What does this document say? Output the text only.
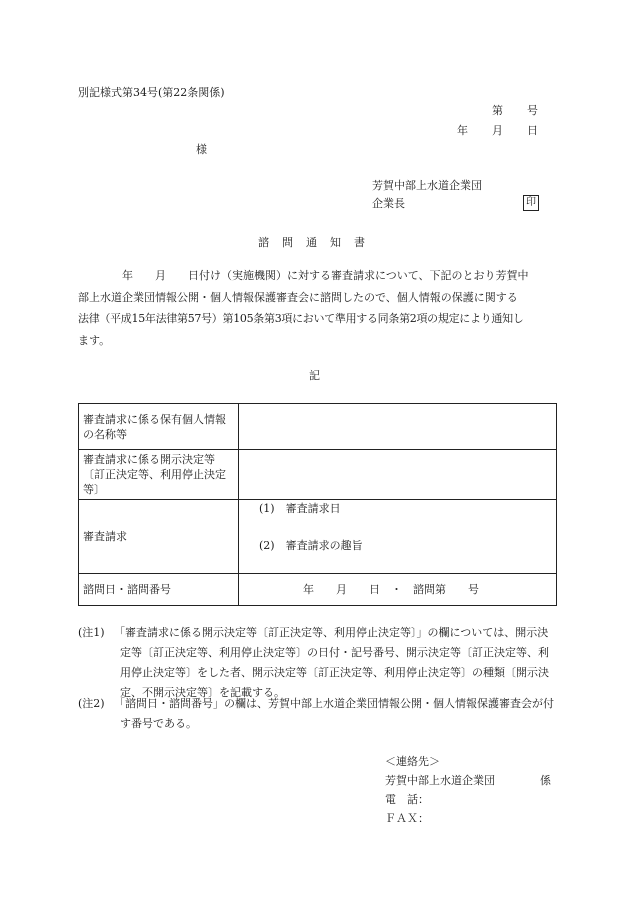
別記様式第34号(第22条関係)
第 号
年 月 日
様
芳賀中部上水道企業団
企業長	印
諮　問　通　知　書
年　　月　　日付け（実施機関）に対する審査請求について、下記のとおり芳賀中
部上水道企業団情報公開・個人情報保護審査会に諮問したので、個人情報の保護に関する
法律（平成15年法律第57号）第105条第3項において準用する同条第2項の規定により通知し
ます。
記
審査請求に係る保有個人情報の名称等	
審査請求に係る開示決定等〔訂正決定等、利用停止決定等〕	
審査請求	(1)　審査請求日
(2)　審査請求の趣旨

諮問日・諮問番号	年　　月　　日　・　諮問第　　号
(注1) 「審査請求に係る開示決定等〔訂正決定等、利用停止決定等〕」の欄については、開示決定等〔訂正決定等、利用停止決定等〕の日付・記号番号、開示決定等〔訂正決定等、利用停止決定等〕をした者、開示決定等〔訂正決定等、利用停止決定等〕の種類〔開示決定、不開示決定等〕を記載する。
(注2) 「諮問日・諮問番号」の欄は、芳賀中部上水道企業団情報公開・個人情報保護審査会が付す番号である。
＜連絡先＞
芳賀中部上水道企業団	係
電　話：
ＦＡＸ：
